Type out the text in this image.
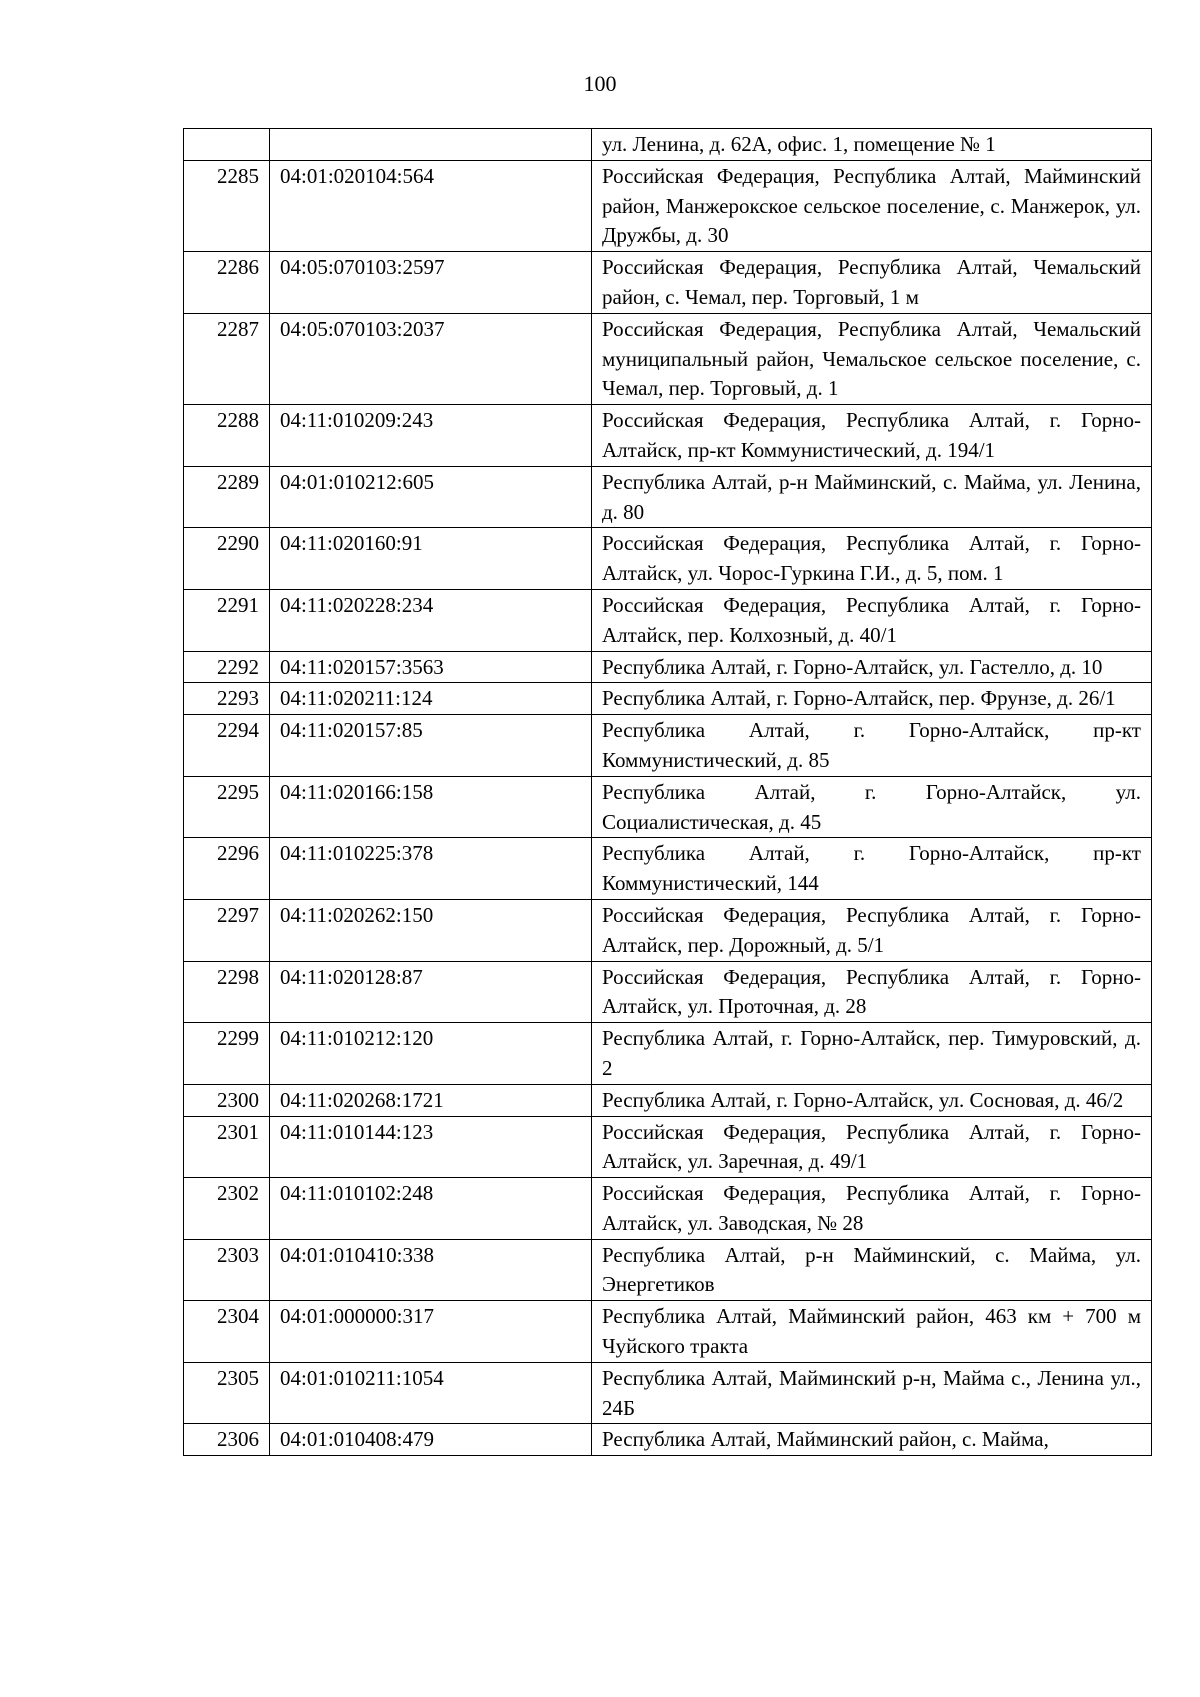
100
		ул. Ленина, д. 62А, офис. 1, помещение № 1
2285	04:01:020104:564	Российская Федерация, Республика Алтай, Майминский район, Манжерокское сельское поселение, с. Манжерок, ул. Дружбы, д. 30
2286	04:05:070103:2597	Российская Федерация, Республика Алтай, Чемальский район, с. Чемал, пер. Торговый, 1 м
2287	04:05:070103:2037	Российская Федерация, Республика Алтай, Чемальский муниципальный район, Чемальское сельское поселение, с. Чемал, пер. Торговый, д. 1
2288	04:11:010209:243	Российская Федерация, Республика Алтай, г. Горно-Алтайск, пр-кт Коммунистический, д. 194/1
2289	04:01:010212:605	Республика Алтай, р-н Майминский, с. Майма, ул. Ленина, д. 80
2290	04:11:020160:91	Российская Федерация, Республика Алтай, г. Горно-Алтайск, ул. Чорос-Гуркина Г.И., д. 5, пом. 1
2291	04:11:020228:234	Российская Федерация, Республика Алтай, г. Горно-Алтайск, пер. Колхозный, д. 40/1
2292	04:11:020157:3563	Республика Алтай, г. Горно-Алтайск, ул. Гастелло, д. 10
2293	04:11:020211:124	Республика Алтай, г. Горно-Алтайск, пер. Фрунзе, д. 26/1
2294	04:11:020157:85	Республика Алтай, г. Горно-Алтайск, пр-кт Коммунистический, д. 85
2295	04:11:020166:158	Республика Алтай, г. Горно-Алтайск, ул. Социалистическая, д. 45
2296	04:11:010225:378	Республика Алтай, г. Горно-Алтайск, пр-кт Коммунистический, 144
2297	04:11:020262:150	Российская Федерация, Республика Алтай, г. Горно-Алтайск, пер. Дорожный, д. 5/1
2298	04:11:020128:87	Российская Федерация, Республика Алтай, г. Горно-Алтайск, ул. Проточная, д. 28
2299	04:11:010212:120	Республика Алтай, г. Горно-Алтайск, пер. Тимуровский, д. 2
2300	04:11:020268:1721	Республика Алтай, г. Горно-Алтайск, ул. Сосновая, д. 46/2
2301	04:11:010144:123	Российская Федерация, Республика Алтай, г. Горно-Алтайск, ул. Заречная, д. 49/1
2302	04:11:010102:248	Российская Федерация, Республика Алтай, г. Горно-Алтайск, ул. Заводская, № 28
2303	04:01:010410:338	Республика Алтай, р-н Майминский, с. Майма, ул. Энергетиков
2304	04:01:000000:317	Республика Алтай, Майминский район, 463 км + 700 м Чуйского тракта
2305	04:01:010211:1054	Республика Алтай, Майминский р-н, Майма с., Ленина ул., 24Б
2306	04:01:010408:479	Республика Алтай, Майминский район, с. Майма,
